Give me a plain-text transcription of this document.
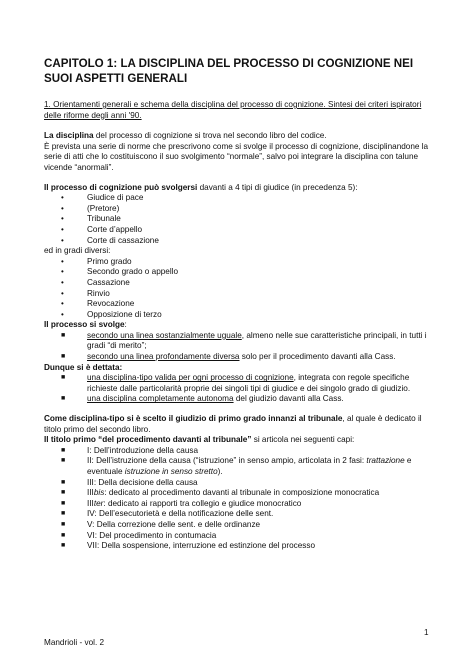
CAPITOLO 1: LA DISCIPLINA DEL PROCESSO DI COGNIZIONE NEI SUOI ASPETTI GENERALI

1. Orientamenti generali e schema della disciplina del processo di cognizione. Sintesi dei criteri ispiratori delle riforme degli anni '90.

La disciplina del processo di cognizione si trova nel secondo libro del codice.

È prevista una serie di norme che prescrivono come si svolge il processo di cognizione, disciplinandone la serie di atti che lo costituiscono il suo svolgimento “normale”, salvo poi integrare la disciplina con talune vicende “anormali”.

Il processo di cognizione può svolgersi davanti a 4 tipi di giudice (in precedenza 5):

•	Giudice di pace
•	(Pretore)
•	Tribunale
•	Corte d’appello
•	Corte di cassazione

ed in gradi diversi:

•	Primo grado
•	Secondo grado o appello
•	Cassazione
•	Rinvio
•	Revocazione
•	Opposizione di terzo

Il processo si svolge:

■	secondo una linea sostanzialmente uguale, almeno nelle sue caratteristiche principali, in tutti i gradi “di merito”;
■	secondo una linea profondamente diversa solo per il procedimento davanti alla Cass.

Dunque si è dettata:

■	una disciplina-tipo valida per ogni processo di cognizione, integrata con regole specifiche richieste dalle particolarità proprie dei singoli tipi di giudice e dei singolo grado di giudizio.
■	una disciplina completamente autonoma del giudizio davanti alla Cass.

Come disciplina-tipo si è scelto il giudizio di primo grado innanzi al tribunale, al quale è dedicato il titolo primo del secondo libro.

Il titolo primo “del procedimento davanti al tribunale” si articola nei seguenti capi:

■	I: Dell’introduzione della causa
■	II: Dell’istruzione della causa (“istruzione” in senso ampio, articolata in 2 fasi: trattazione e eventuale istruzione in senso stretto).
■	III: Della decisione della causa
■	IIIbis: dedicato al procedimento davanti al tribunale in composizione monocratica
■	IIIter: dedicato ai rapporti tra collegio e giudice monocratico
■	IV: Dell’esecutorietà e della notificazione delle sent.
■	V: Della correzione delle sent. e delle ordinanze
■	VI: Del procedimento in contumacia
■	VII: Della sospensione, interruzione ed estinzione del processo
1
Mandrioli - vol. 2
